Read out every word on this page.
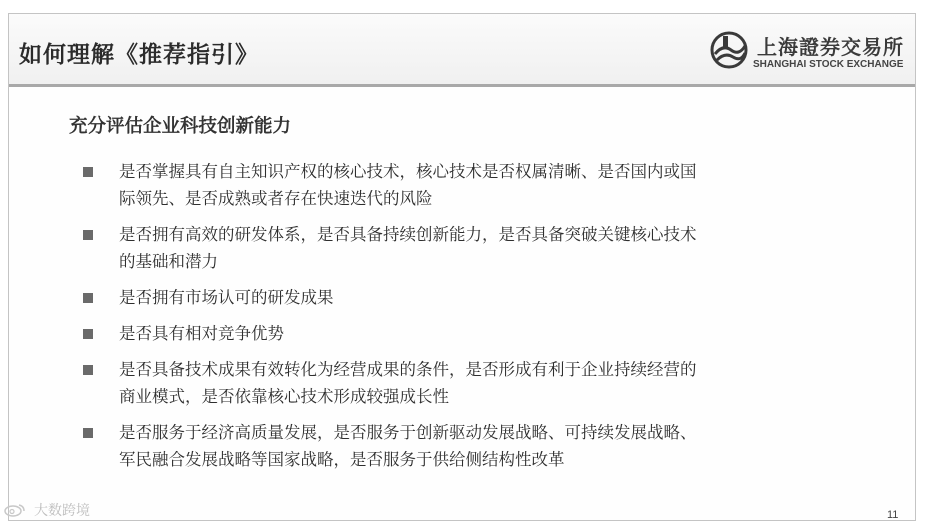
如何理解《推荐指引》	上海證券交易所
SHANGHAI STOCK EXCHANGE
充分评估企业科技创新能力
是否掌握具有自主知识产权的核心技术，核心技术是否权属清晰、是否国内或国
际领先、是否成熟或者存在快速迭代的风险
是否拥有高效的研发体系，是否具备持续创新能力，是否具备突破关键核心技术
的基础和潜力
是否拥有市场认可的研发成果
是否具有相对竞争优势
是否具备技术成果有效转化为经营成果的条件，是否形成有利于企业持续经营的
商业模式，是否依靠核心技术形成较强成长性
是否服务于经济高质量发展，是否服务于创新驱动发展战略、可持续发展战略、
军民融合发展战略等国家战略，是否服务于供给侧结构性改革
11
大数跨境
